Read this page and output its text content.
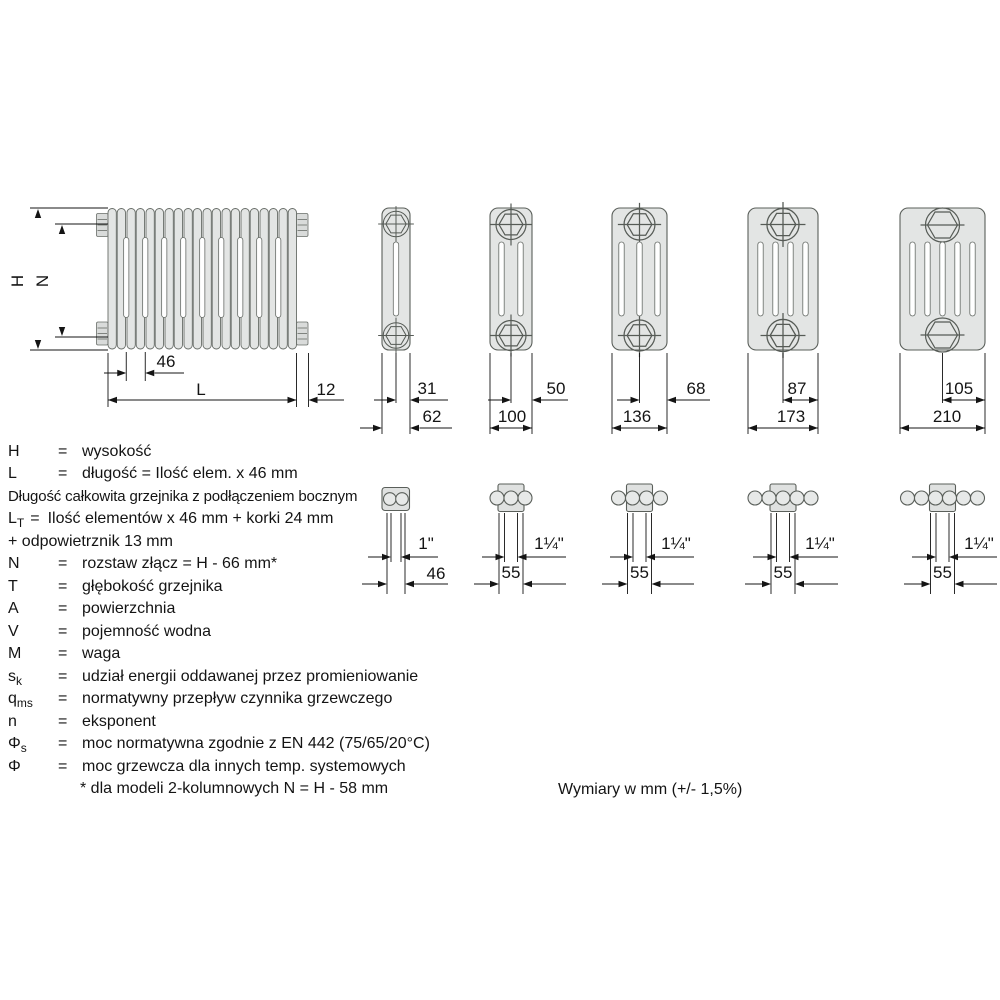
H N
46
L	12	31
62
50
100
68
136
87
173
105
210
1"
46
1¼"
55
1¼"
55
1¼"
55
1¼"
55
H = wysokość
L	= długość = Ilość elem. x 46 mm
Długość całkowita grzejnika z podłączeniem bocznym
$L_T$ = Ilość elementów x 46 mm + korki 24 mm
+ odpowietrznik 13 mm
N = rozstaw złącz = H - 66 mm*
T	= głębokość grzejnika
A = powierzchnia
V = pojemność wodna
M = waga
$s_k$ = udział energii oddawanej przez promieniowanie
$q_{ms}$ = normatywny przepływ czynnika grzewczego
n	= eksponent
$\Phi_s$ = moc normatywna zgodnie z EN 442 (75/65/20°C)
Φ = moc grzewcza dla innych temp. systemowych
* dla modeli 2-kolumnowych N = H - 58 mm	Wymiary w mm (+/- 1,5%)
